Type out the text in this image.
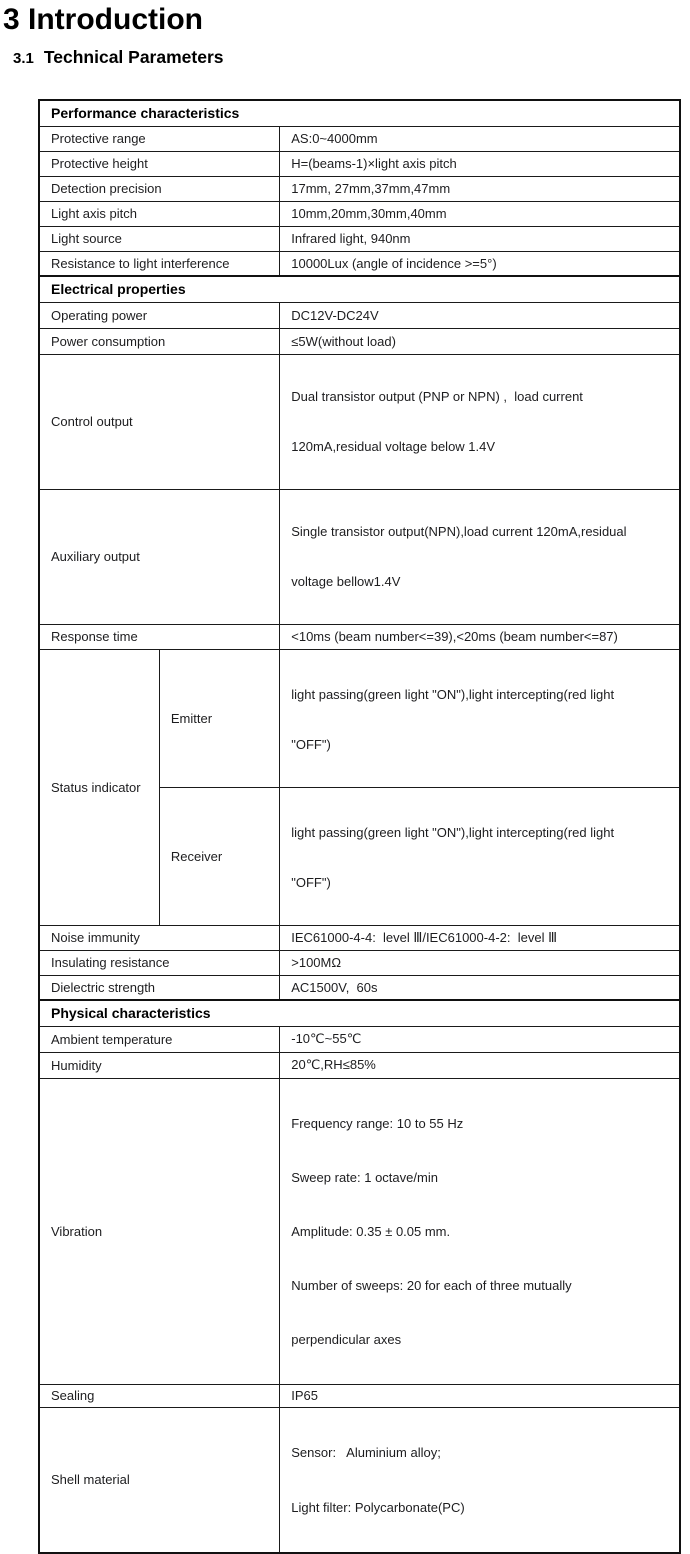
3 Introduction
3.1 Technical Parameters
Performance characteristics		
Protective range		AS:0~4000mm
Protective height		H=(beams-1)×light axis pitch
Detection precision		17mm, 27mm,37mm,47mm
Light axis pitch		10mm,20mm,30mm,40mm
Light source		Infrared light, 940nm
Resistance to light interference		10000Lux (angle of incidence >=5°)
Electrical properties		
Operating power		DC12V-DC24V
Power consumption		≤5W(without load)
Control output		Dual transistor output (PNP or NPN) ,  load current

120mA,residual voltage below 1.4V

Auxiliary output		Single transistor output(NPN),load current 120mA,residual

voltage bellow1.4V

Response time		<10ms (beam number<=39),<20ms (beam number<=87)
Status indicator	Emitter	light passing(green light "ON"),light intercepting(red light

"OFF")

	Receiver	light passing(green light "ON"),light intercepting(red light

"OFF")

Noise immunity		IEC61000-4-4:  level Ⅲ/IEC61000-4-2:  level Ⅲ
Insulating resistance		>100MΩ
Dielectric strength		AC1500V,  60s
Physical characteristics		
Ambient temperature		-10℃~55℃
Humidity		20℃,RH≤85%
Vibration		Frequency range: 10 to 55 Hz

Sweep rate: 1 octave/min

Amplitude: 0.35 ± 0.05 mm.

Number of sweeps: 20 for each of three mutually

perpendicular axes

Sealing		IP65
Shell material		Sensor:   Aluminium alloy;

Light filter: Polycarbonate(PC)
